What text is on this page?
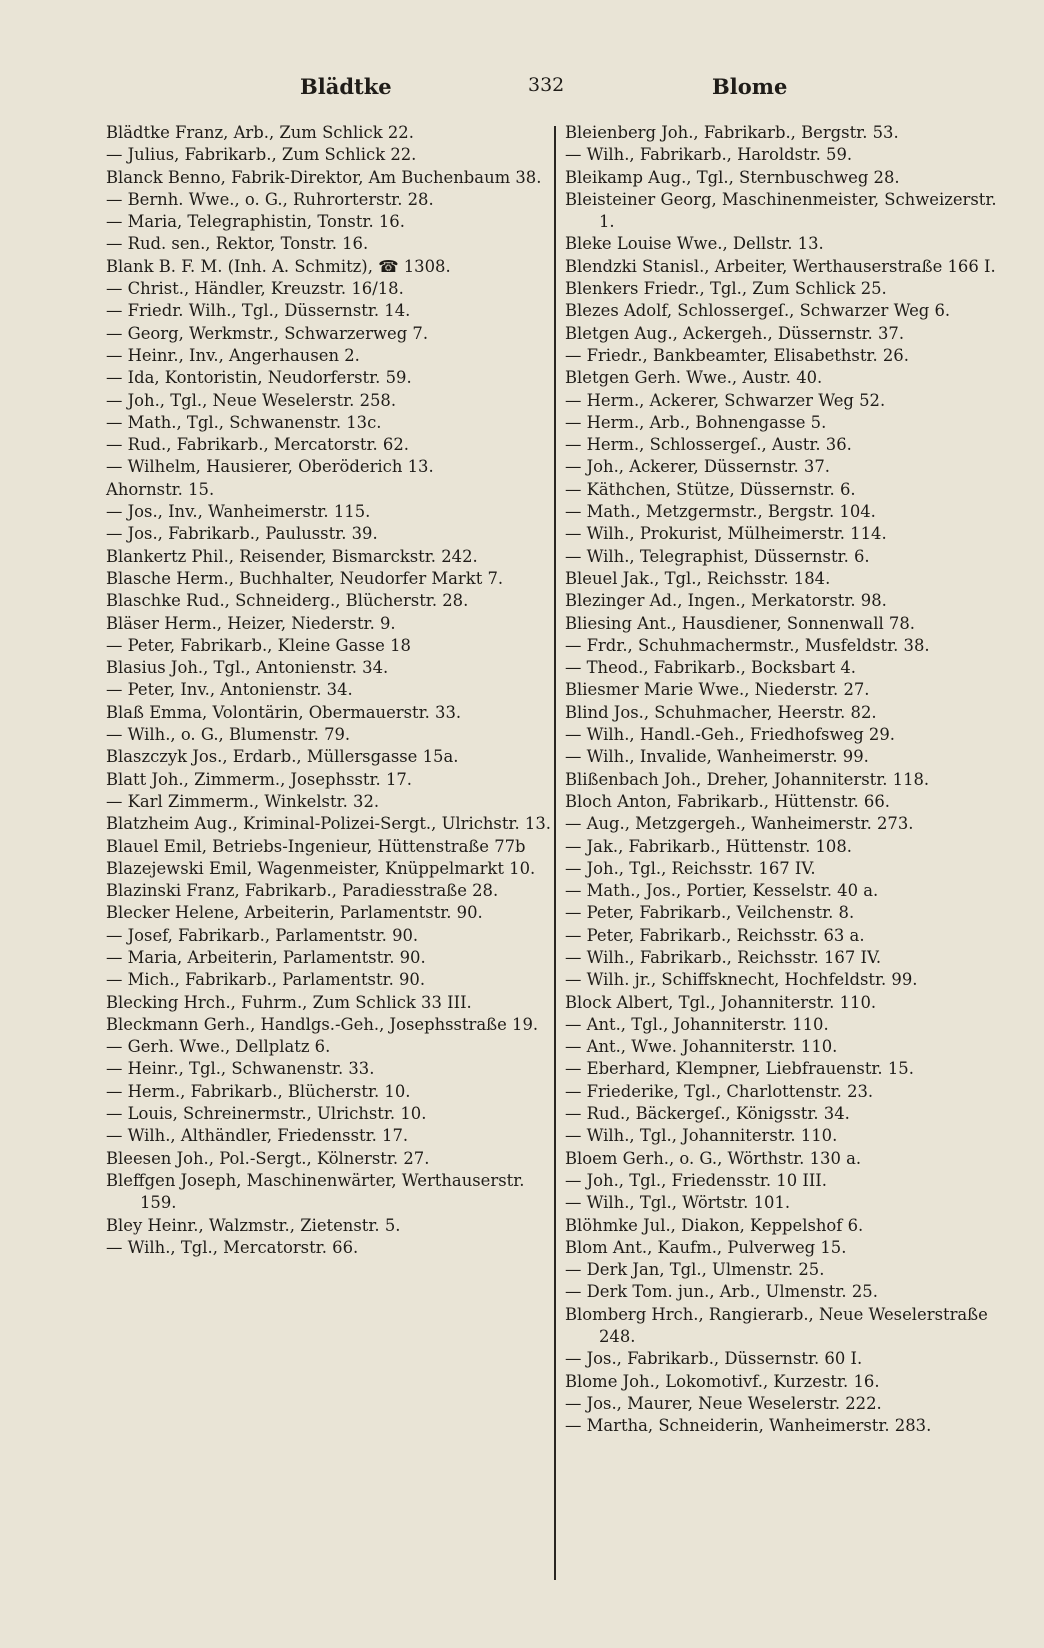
Blädtke	332	Blome
Blädtke Franz, Arb., Zum Schlick 22.
— Julius, Fabrikarb., Zum Schlick 22.
Blanck Benno, Fabrik-Direktor, Am Buchenbaum 38.
— Bernh. Wwe., o. G., Ruhrorterstr. 28.
— Maria, Telegraphistin, Tonstr. 16.
— Rud. sen., Rektor, Tonstr. 16.
Blank B. F. M. (Inh. A. Schmitz), ☎ 1308.
— Christ., Händler, Kreuzstr. 16/18.
— Friedr. Wilh., Tgl., Düssernstr. 14.
— Georg, Werkmstr., Schwarzerweg 7.
— Heinr., Inv., Angerhausen 2.
— Ida, Kontoristin, Neudorferstr. 59.
— Joh., Tgl., Neue Weselerstr. 258.
— Math., Tgl., Schwanenstr. 13c.
— Rud., Fabrikarb., Mercatorstr. 62.
— Wilhelm, Hausierer, Oberöderich 13.
Ahornstr. 15.
— Jos., Inv., Wanheimerstr. 115.
— Jos., Fabrikarb., Paulusstr. 39.
Blankertz Phil., Reisender, Bismarckstr. 242.
Blasche Herm., Buchhalter, Neudorfer Markt 7.
Blaschke Rud., Schneiderg., Blücherstr. 28.
Bläser Herm., Heizer, Niederstr. 9.
— Peter, Fabrikarb., Kleine Gasse 18
Blasius Joh., Tgl., Antonienstr. 34.
— Peter, Inv., Antonienstr. 34.
Blaß Emma, Volontärin, Obermauerstr. 33.
— Wilh., o. G., Blumenstr. 79.
Blaszczyk Jos., Erdarb., Müllersgasse 15a.
Blatt Joh., Zimmerm., Josephsstr. 17.
— Karl Zimmerm., Winkelstr. 32.
Blatzheim Aug., Kriminal-Polizei-Sergt., Ulrichstr. 13.
Blauel Emil, Betriebs-Ingenieur, Hüttenstraße 77b
Blazejewski Emil, Wagenmeister, Knüppelmarkt 10.
Blazinski Franz, Fabrikarb., Paradiesstraße 28.
Blecker Helene, Arbeiterin, Parlamentstr. 90.
— Josef, Fabrikarb., Parlamentstr. 90.
— Maria, Arbeiterin, Parlamentstr. 90.
— Mich., Fabrikarb., Parlamentstr. 90.
Blecking Hrch., Fuhrm., Zum Schlick 33 III.
Bleckmann Gerh., Handlgs.-Geh., Josephsstraße 19.
— Gerh. Wwe., Dellplatz 6.
— Heinr., Tgl., Schwanenstr. 33.
— Herm., Fabrikarb., Blücherstr. 10.
— Louis, Schreinermstr., Ulrichstr. 10.
— Wilh., Althändler, Friedensstr. 17.
Bleesen Joh., Pol.-Sergt., Kölnerstr. 27.
Bleffgen Joseph, Maschinenwärter, Werthauserstr. 159.
Bley Heinr., Walzmstr., Zietenstr. 5.
— Wilh., Tgl., Mercatorstr. 66.
Bleienberg Joh., Fabrikarb., Bergstr. 53.
— Wilh., Fabrikarb., Haroldstr. 59.
Bleikamp Aug., Tgl., Sternbuschweg 28.
Bleisteiner Georg, Maschinenmeister, Schweizerstr. 1.
Bleke Louise Wwe., Dellstr. 13.
Blendzki Stanisl., Arbeiter, Werthauserstraße 166 I.
Blenkers Friedr., Tgl., Zum Schlick 25.
Blezes Adolf, Schlossergeſ., Schwarzer Weg 6.
Bletgen Aug., Ackergeh., Düssernstr. 37.
— Friedr., Bankbeamter, Elisabethstr. 26.
Bletgen Gerh. Wwe., Austr. 40.
— Herm., Ackerer, Schwarzer Weg 52.
— Herm., Arb., Bohnengasse 5.
— Herm., Schlossergeſ., Austr. 36.
— Joh., Ackerer, Düssernstr. 37.
— Käthchen, Stütze, Düssernstr. 6.
— Math., Metzgermstr., Bergstr. 104.
— Wilh., Prokurist, Mülheimerstr. 114.
— Wilh., Telegraphist, Düssernstr. 6.
Bleuel Jak., Tgl., Reichsstr. 184.
Blezinger Ad., Ingen., Merkatorstr. 98.
Bliesing Ant., Hausdiener, Sonnenwall 78.
— Frdr., Schuhmachermstr., Musfeldstr. 38.
— Theod., Fabrikarb., Bocksbart 4.
Bliesmer Marie Wwe., Niederstr. 27.
Blind Jos., Schuhmacher, Heerstr. 82.
— Wilh., Handl.-Geh., Friedhofsweg 29.
— Wilh., Invalide, Wanheimerstr. 99.
Blißenbach Joh., Dreher, Johanniterstr. 118.
Bloch Anton, Fabrikarb., Hüttenstr. 66.
— Aug., Metzgergeh., Wanheimerstr. 273.
— Jak., Fabrikarb., Hüttenstr. 108.
— Joh., Tgl., Reichsstr. 167 IV.
— Math., Jos., Portier, Kesselstr. 40 a.
— Peter, Fabrikarb., Veilchenstr. 8.
— Peter, Fabrikarb., Reichsstr. 63 a.
— Wilh., Fabrikarb., Reichsstr. 167 IV.
— Wilh. jr., Schiffsknecht, Hochfeldstr. 99.
Block Albert, Tgl., Johanniterstr. 110.
— Ant., Tgl., Johanniterstr. 110.
— Ant., Wwe. Johanniterstr. 110.
— Eberhard, Klempner, Liebfrauenstr. 15.
— Friederike, Tgl., Charlottenstr. 23.
— Rud., Bäckergeſ., Königsstr. 34.
— Wilh., Tgl., Johanniterstr. 110.
Bloem Gerh., o. G., Wörthstr. 130 a.
— Joh., Tgl., Friedensstr. 10 III.
— Wilh., Tgl., Wörtstr. 101.
Blöhmke Jul., Diakon, Keppelshof 6.
Blom Ant., Kaufm., Pulverweg 15.
— Derk Jan, Tgl., Ulmenstr. 25.
— Derk Tom. jun., Arb., Ulmenstr. 25.
Blomberg Hrch., Rangierarb., Neue Weselerstraße 248.
— Jos., Fabrikarb., Düssernstr. 60 I.
Blome Joh., Lokomotivf., Kurzestr. 16.
— Jos., Maurer, Neue Weselerstr. 222.
— Martha, Schneiderin, Wanheimerstr. 283.
